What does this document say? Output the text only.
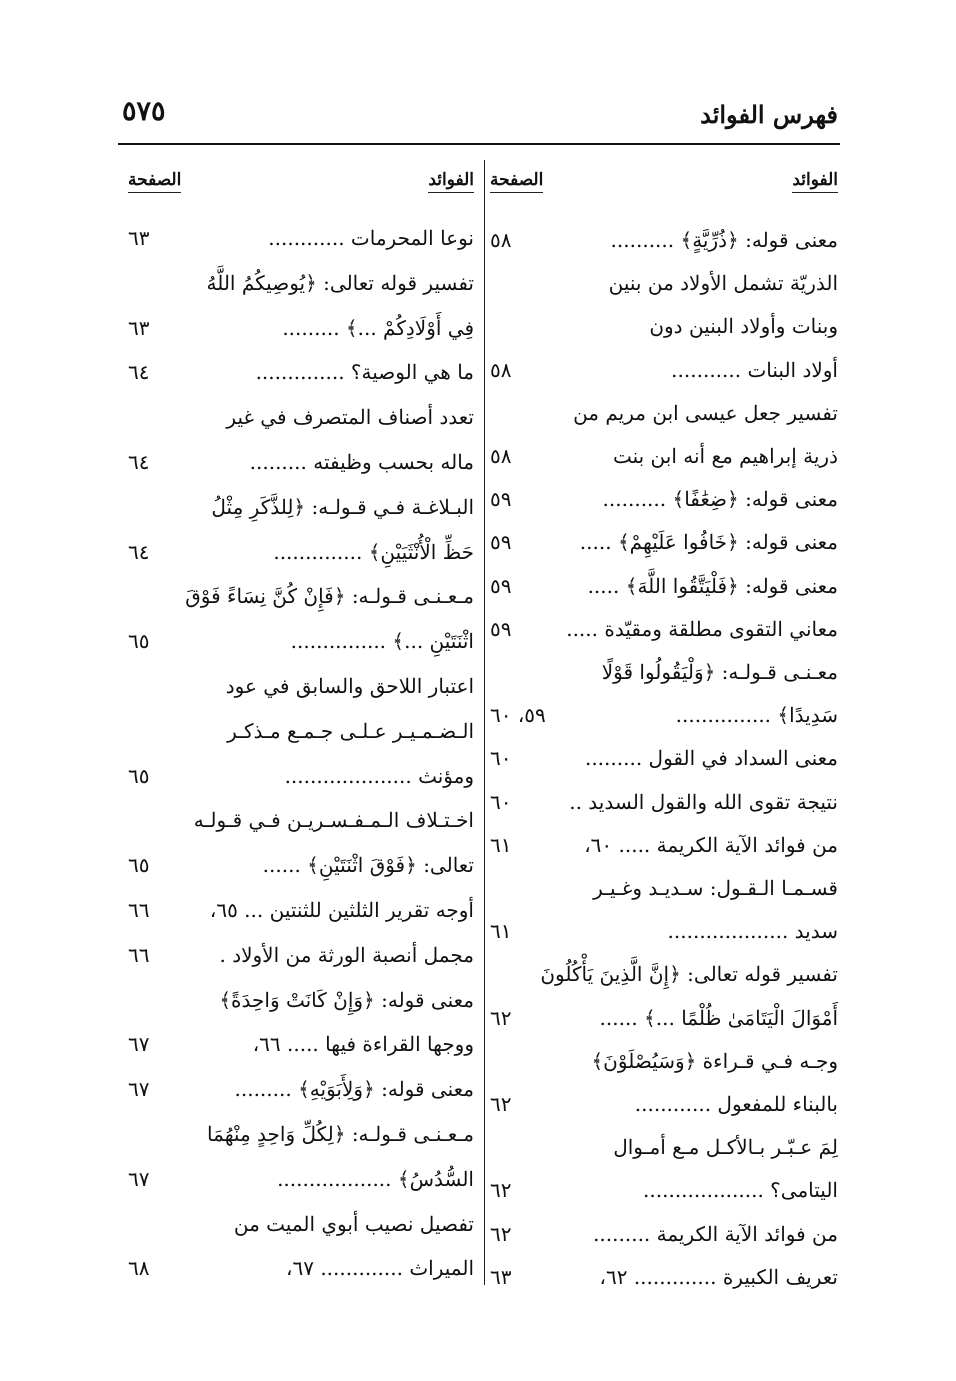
فهرس الفوائد
٥٧٥
الفوائد
الصفحة
معنى قوله: ﴿ذُرِّيَّةٍ﴾ ..........
٥٨
الذريّة تشمل الأولاد من بنين
وبنات وأولاد البنين دون
أولاد البنات ...........
٥٨
تفسير جعل عيسى ابن مريم من
ذرية إبراهيم مع أنه ابن بنت
٥٨
معنى قوله: ﴿ضِعَٰفًا﴾ ..........
٥٩
معنى قوله: ﴿خَافُوا عَلَيْهِمْ﴾ .....
٥٩
معنى قوله: ﴿فَلْيَتَّقُوا اللَّهَ﴾ .....
٥٩
معاني التقوى مطلقة ومقيّدة .....
٥٩
معـنـى قـولـه: ﴿وَلْيَقُولُوا قَوْلًا
سَدِيدًا﴾ ...............
٥٩، ٦٠
معنى السداد في القول .........
٦٠
نتيجة تقوى الله والقول السديد ..
٦٠
من فوائد الآية الكريمة ..... ٦٠،
٦١
قسـمـا الـقـول: سـديـد وغـيـر
سديد ...................
٦١
تفسير قوله تعالى: ﴿إِنَّ الَّذِينَ يَأْكُلُونَ
أَمْوَالَ الْيَتَامَىٰ ظُلْمًا ...﴾ ......
٦٢
وجـه فـي قـراءة ﴿وَسَيُصْلَوْنَ﴾
بالبناء للمفعول ............
٦٢
لِمَ عـبّـر بـالأكـل مـع أمـوال
اليتامى؟ ...................
٦٢
من فوائد الآية الكريمة .........
٦٢
تعريف الكبيرة ............. ٦٢،
٦٣
الفوائد
الصفحة
نوعا المحرمات ............
٦٣
تفسير قوله تعالى: ﴿يُوصِيكُمُ اللَّهُ
فِي أَوْلَادِكُمْ ...﴾ .........
٦٣
ما هي الوصية؟ ..............
٦٤
تعدد أصناف المتصرف في غير
ماله بحسب وظيفته .........
٦٤
البـلاغـة فـي قـولـه: ﴿لِلذَّكَرِ مِثْلُ
حَظِّ الْأُنْثَيَيْنِ﴾ ..............
٦٤
مـعـنـى قـولـه: ﴿فَإِنْ كُنَّ نِسَاءً فَوْقَ
اثْنَتَيْنِ ...﴾ ...............
٦٥
اعتبار اللاحق والسابق في عود
الـضـمـيـر عـلـى جـمـع مـذكـر
ومؤنث ....................
٦٥
اخـتـلاف الـمـفـسـريـن فـي قـولـه
تعالى: ﴿فَوْقَ اثْنَتَيْنِ﴾ ......
٦٥
أوجه تقرير الثلثين للثنتين ... ٦٥،
٦٦
مجمل أنصبة الورثة من الأولاد .
٦٦
معنى قوله: ﴿وَإِنْ كَانَتْ وَاحِدَةً﴾
ووجها القراءة فيها ..... ٦٦،
٦٧
معنى قوله: ﴿وَلِأَبَوَيْهِ﴾ .........
٦٧
مـعـنـى قـولـه: ﴿لِكُلِّ وَاحِدٍ مِنْهُمَا
السُّدُسُ﴾ ..................
٦٧
تفصيل نصيب أبوي الميت من
الميراث ............. ٦٧،
٦٨
